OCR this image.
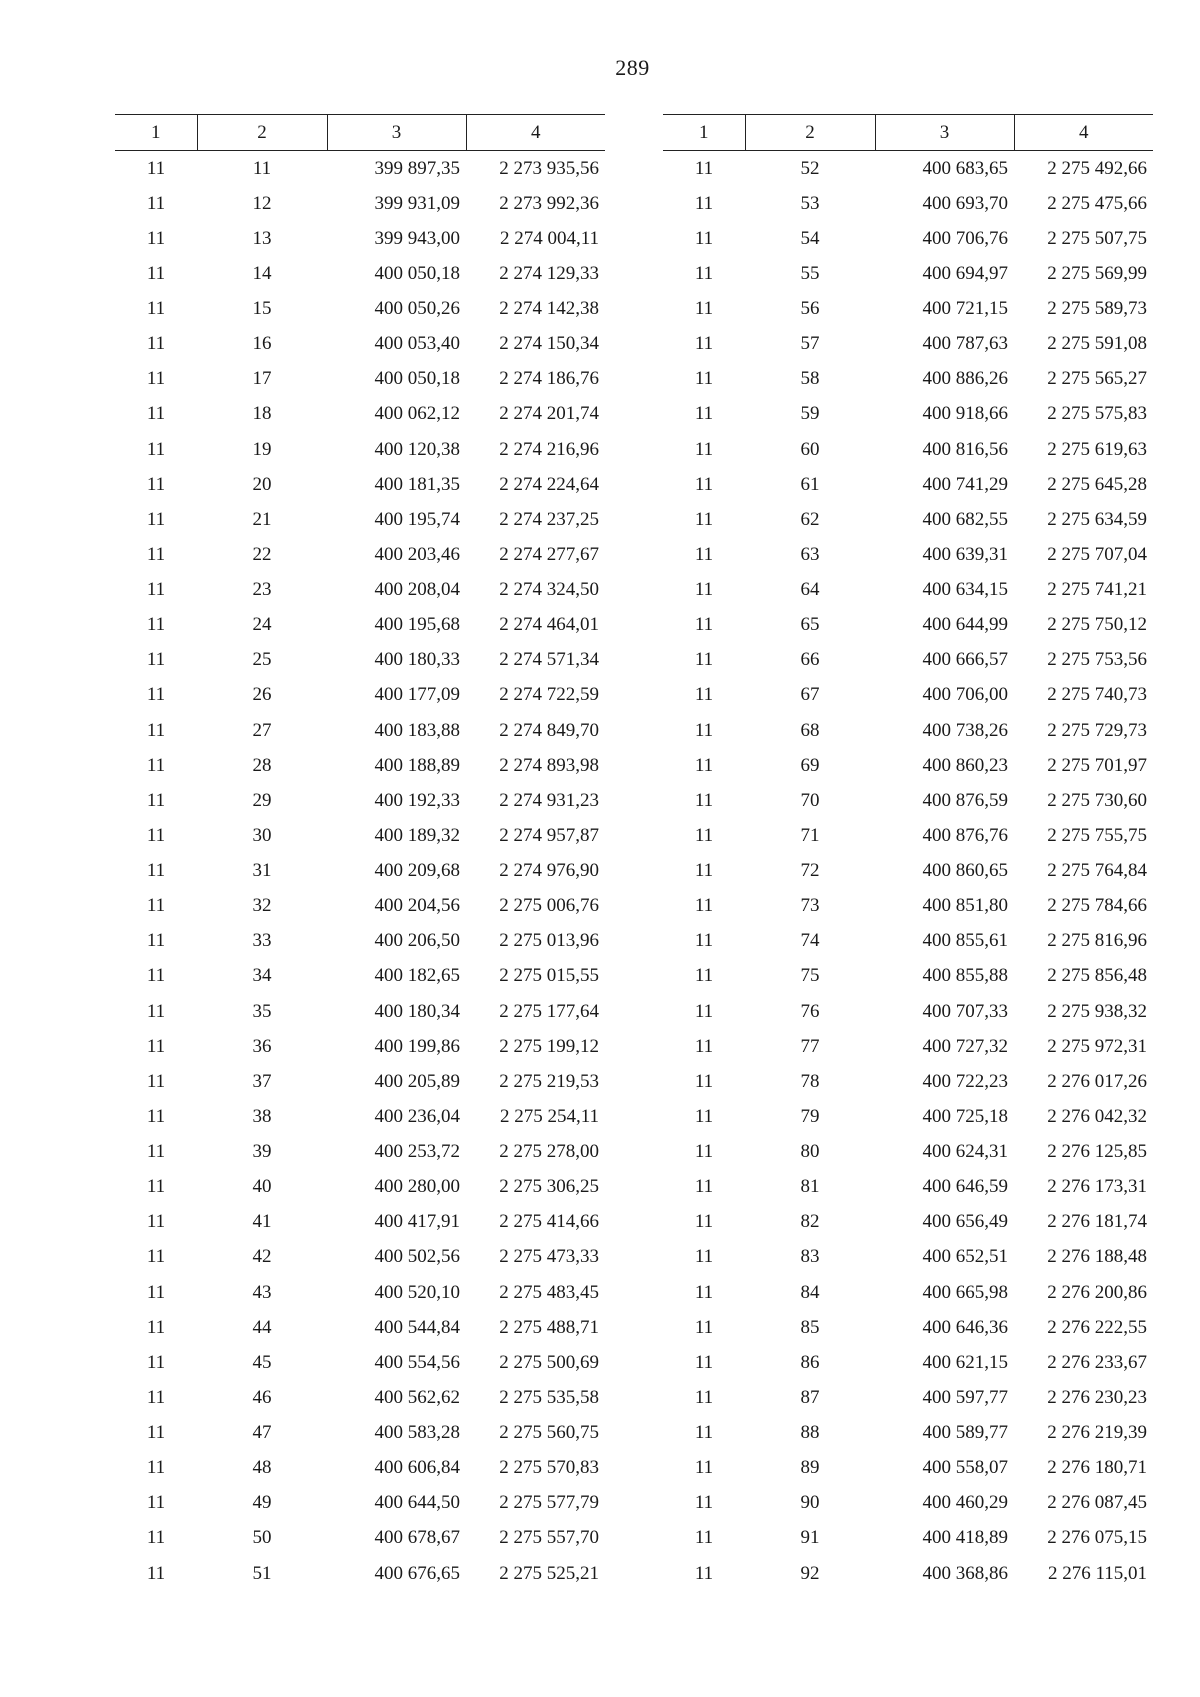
289
1	2	3	4
11	11	399 897,35	2 273 935,56
11	12	399 931,09	2 273 992,36
11	13	399 943,00	2 274 004,11
11	14	400 050,18	2 274 129,33
11	15	400 050,26	2 274 142,38
11	16	400 053,40	2 274 150,34
11	17	400 050,18	2 274 186,76
11	18	400 062,12	2 274 201,74
11	19	400 120,38	2 274 216,96
11	20	400 181,35	2 274 224,64
11	21	400 195,74	2 274 237,25
11	22	400 203,46	2 274 277,67
11	23	400 208,04	2 274 324,50
11	24	400 195,68	2 274 464,01
11	25	400 180,33	2 274 571,34
11	26	400 177,09	2 274 722,59
11	27	400 183,88	2 274 849,70
11	28	400 188,89	2 274 893,98
11	29	400 192,33	2 274 931,23
11	30	400 189,32	2 274 957,87
11	31	400 209,68	2 274 976,90
11	32	400 204,56	2 275 006,76
11	33	400 206,50	2 275 013,96
11	34	400 182,65	2 275 015,55
11	35	400 180,34	2 275 177,64
11	36	400 199,86	2 275 199,12
11	37	400 205,89	2 275 219,53
11	38	400 236,04	2 275 254,11
11	39	400 253,72	2 275 278,00
11	40	400 280,00	2 275 306,25
11	41	400 417,91	2 275 414,66
11	42	400 502,56	2 275 473,33
11	43	400 520,10	2 275 483,45
11	44	400 544,84	2 275 488,71
11	45	400 554,56	2 275 500,69
11	46	400 562,62	2 275 535,58
11	47	400 583,28	2 275 560,75
11	48	400 606,84	2 275 570,83
11	49	400 644,50	2 275 577,79
11	50	400 678,67	2 275 557,70
11	51	400 676,65	2 275 525,21
1	2	3	4
11	52	400 683,65	2 275 492,66
11	53	400 693,70	2 275 475,66
11	54	400 706,76	2 275 507,75
11	55	400 694,97	2 275 569,99
11	56	400 721,15	2 275 589,73
11	57	400 787,63	2 275 591,08
11	58	400 886,26	2 275 565,27
11	59	400 918,66	2 275 575,83
11	60	400 816,56	2 275 619,63
11	61	400 741,29	2 275 645,28
11	62	400 682,55	2 275 634,59
11	63	400 639,31	2 275 707,04
11	64	400 634,15	2 275 741,21
11	65	400 644,99	2 275 750,12
11	66	400 666,57	2 275 753,56
11	67	400 706,00	2 275 740,73
11	68	400 738,26	2 275 729,73
11	69	400 860,23	2 275 701,97
11	70	400 876,59	2 275 730,60
11	71	400 876,76	2 275 755,75
11	72	400 860,65	2 275 764,84
11	73	400 851,80	2 275 784,66
11	74	400 855,61	2 275 816,96
11	75	400 855,88	2 275 856,48
11	76	400 707,33	2 275 938,32
11	77	400 727,32	2 275 972,31
11	78	400 722,23	2 276 017,26
11	79	400 725,18	2 276 042,32
11	80	400 624,31	2 276 125,85
11	81	400 646,59	2 276 173,31
11	82	400 656,49	2 276 181,74
11	83	400 652,51	2 276 188,48
11	84	400 665,98	2 276 200,86
11	85	400 646,36	2 276 222,55
11	86	400 621,15	2 276 233,67
11	87	400 597,77	2 276 230,23
11	88	400 589,77	2 276 219,39
11	89	400 558,07	2 276 180,71
11	90	400 460,29	2 276 087,45
11	91	400 418,89	2 276 075,15
11	92	400 368,86	2 276 115,01
